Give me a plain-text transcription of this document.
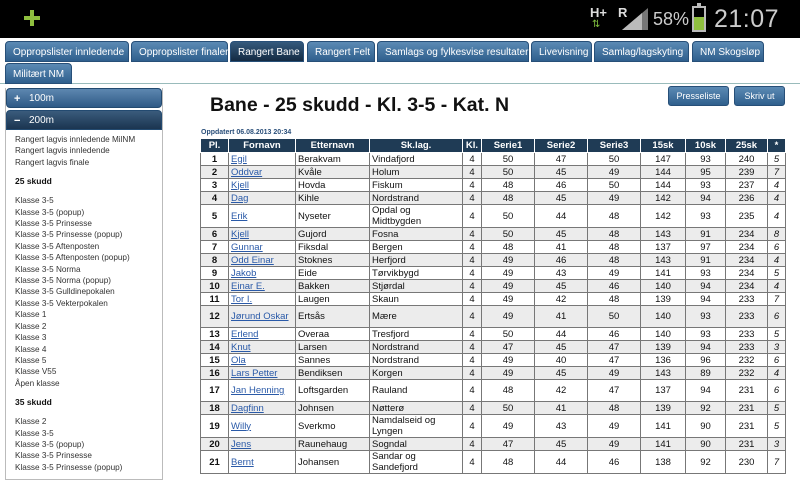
H+
⇅
R 58% 21:07
Oppropslister innledende	Oppropslister finaler Rangert Bane	Rangert Felt	Samlags og fylkesvise resultater	Livevisning	Samlag/lagskyting	NM Skogsløp
Militært NM
+ 100m
− 200m
Rangert lagvis innledende MilNM
Rangert lagvis innledende
Rangert lagvis finale
25 skudd
Klasse 3-5
Klasse 3-5 (popup)
Klasse 3-5 Prinsesse
Klasse 3-5 Prinsesse (popup)
Klasse 3-5 Aftenposten
Klasse 3-5 Aftenposten (popup)
Klasse 3-5 Norma
Klasse 3-5 Norma (popup)
Klasse 3-5 Gulldinepokalen
Klasse 3-5 Vekterpokalen
Klasse 1
Klasse 2
Klasse 3
Klasse 4
Klasse 5
Klasse V55
Åpen klasse
35 skudd
Klasse 2
Klasse 3-5
Klasse 3-5 (popup)
Klasse 3-5 Prinsesse
Klasse 3-5 Prinsesse (popup)
Bane - 25 skudd - Kl. 3-5 - Kat. N	Presseliste	Skriv ut
Oppdatert 06.08.2013 20:34
Pl.	Fornavn	Etternavn	Sk.lag.	Kl.	Serie1	Serie2	Serie3	15sk	10sk	25sk	*
1	Egil	Berakvam	Vindafjord	4	50	47	50	147	93	240	5
2	Oddvar	Kvåle	Holum	4	50	45	49	144	95	239	7
3	Kjell	Hovda	Fiskum	4	48	46	50	144	93	237	4
4	Dag	Kihle	Nordstrand	4	48	45	49	142	94	236	4
5	Erik	Nyseter	Opdal og Midtbygden	4	50	44	48	142	93	235	4
6	Kjell	Gujord	Fosna	4	50	45	48	143	91	234	8
7	Gunnar	Fiksdal	Bergen	4	48	41	48	137	97	234	6
8	Odd Einar	Stoknes	Herfjord	4	49	46	48	143	91	234	4
9	Jakob	Eide	Tørvikbygd	4	49	43	49	141	93	234	5
10	Einar E.	Bakken	Stjørdal	4	49	45	46	140	94	234	4
11	Tor I.	Laugen	Skaun	4	49	42	48	139	94	233	7
12	Jørund Oskar	Ertsås	Mære	4	49	41	50	140	93	233	6
13	Erlend	Overaa	Tresfjord	4	50	44	46	140	93	233	5
14	Knut	Larsen	Nordstrand	4	47	45	47	139	94	233	3
15	Ola	Sannes	Nordstrand	4	49	40	47	136	96	232	6
16	Lars Petter	Bendiksen	Korgen	4	49	45	49	143	89	232	4
17	Jan Henning	Loftsgarden	Rauland	4	48	42	47	137	94	231	6
18	Dagfinn	Johnsen	Nøtterø	4	50	41	48	139	92	231	5
19	Willy	Sverkmo	Namdalseid og Lyngen	4	49	43	49	141	90	231	5
20	Jens	Raunehaug	Sogndal	4	47	45	49	141	90	231	3
21	Bernt	Johansen	Sandar og Sandefjord	4	48	44	46	138	92	230	7
